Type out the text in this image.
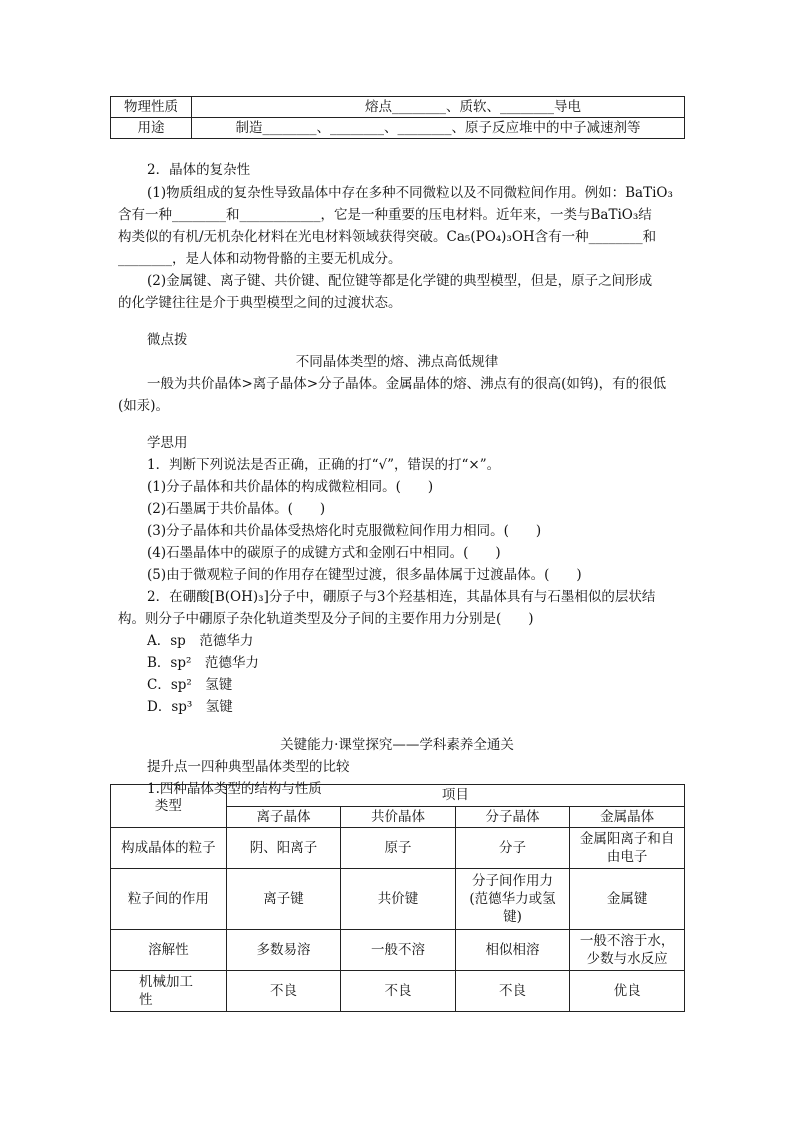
物理性质	熔点________、质软、________导电
用途	制造________、________、________、原子反应堆中的中子减速剂等
2．晶体的复杂性
(1)物质组成的复杂性导致晶体中存在多种不同微粒以及不同微粒间作用。例如：BaTiO₃
含有一种________和____________，它是一种重要的压电材料。近年来，一类与BaTiO₃结
构类似的有机/无机杂化材料在光电材料领域获得突破。Ca₅(PO₄)₃OH含有一种________和
________，是人体和动物骨骼的主要无机成分。
(2)金属键、离子键、共价键、配位键等都是化学键的典型模型，但是，原子之间形成
的化学键往往是介于典型模型之间的过渡状态。
微点拨
不同晶体类型的熔、沸点高低规律
一般为共价晶体>离子晶体>分子晶体。金属晶体的熔、沸点有的很高(如钨)，有的很低
(如汞)。
学思用
1．判断下列说法是否正确，正确的打“√”，错误的打“×”。
(1)分子晶体和共价晶体的构成微粒相同。(　　)
(2)石墨属于共价晶体。(　　)
(3)分子晶体和共价晶体受热熔化时克服微粒间作用力相同。(　　)
(4)石墨晶体中的碳原子的成键方式和金刚石中相同。(　　)
(5)由于微观粒子间的作用存在键型过渡，很多晶体属于过渡晶体。(　　)
2．在硼酸[B(OH)₃]分子中，硼原子与3个羟基相连，其晶体具有与石墨相似的层状结
构。则分子中硼原子杂化轨道类型及分子间的主要作用力分别是(　　)
A．sp　范德华力
B．sp²　范德华力
C．sp²　氢键
D．sp³　氢键
关键能力·课堂探究——学科素养全通关
提升点一四种典型晶体类型的比较
1.四种晶体类型的结构与性质
类型	项目			
	离子晶体	共价晶体	分子晶体	金属晶体
构成晶体的粒子	阴、阳离子	原子	分子	金属阳离子和自由电子
粒子间的作用	离子键	共价键	分子间作用力(范德华力或氢键)	金属键
溶解性	多数易溶	一般不溶	相似相溶	一般不溶于水，少数与水反应
机械加工性	不良	不良	不良	优良
